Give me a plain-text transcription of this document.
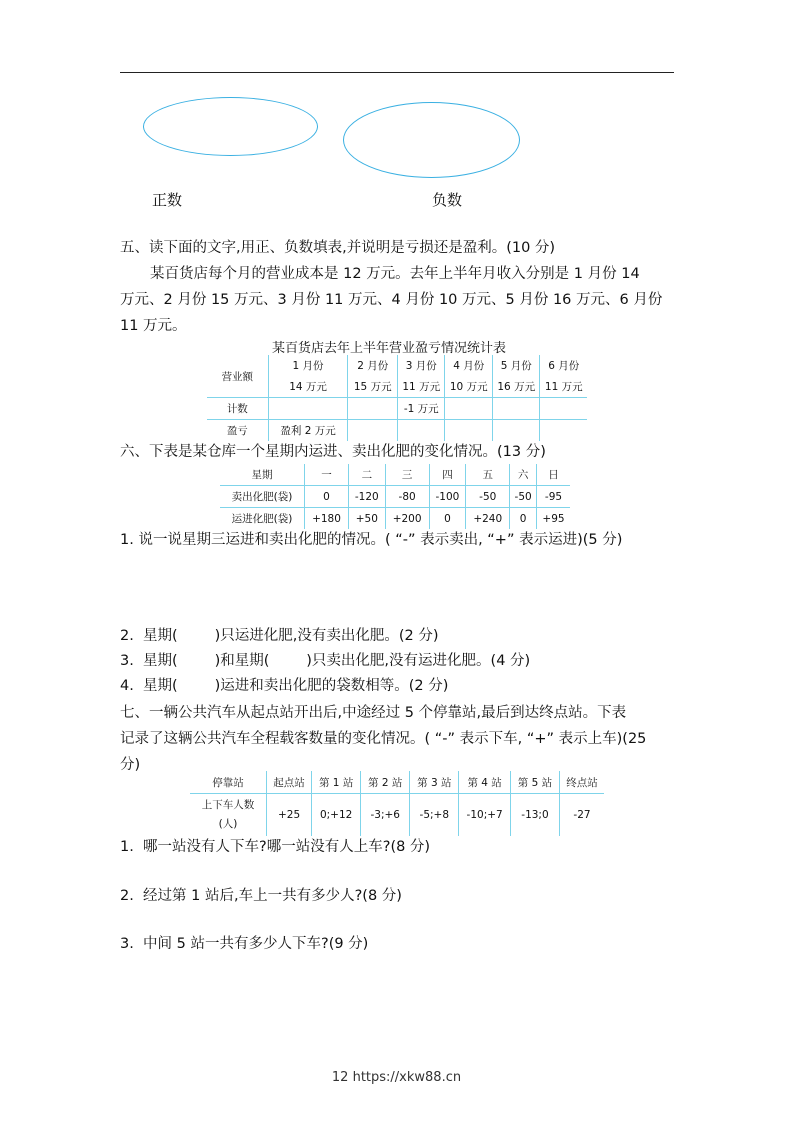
正数	负数
五、读下面的文字,用正、负数填表,并说明是亏损还是盈利。(10 分)
某百货店每个月的营业成本是 12 万元。去年上半年月收入分别是 1 月份 14
万元、2 月份 15 万元、3 月份 11 万元、4 月份 10 万元、5 月份 16 万元、6 月份
11 万元。
某百货店去年上半年营业盈亏情况统计表
营业额	1 月份	2 月份	3 月份	4 月份	5 月份	6 月份
	14 万元	15 万元	11 万元	10 万元	16 万元	11 万元
计数			-1 万元			
盈亏	盈利 2 万元					
六、下表是某仓库一个星期内运进、卖出化肥的变化情况。(13 分)
星期	一	二	三	四	五	六	日
卖出化肥(袋)	0	-120	-80	-100	-50	-50	-95
运进化肥(袋)	+180	+50	+200	0	+240	0	+95
1. 说一说星期三运进和卖出化肥的情况。( “-” 表示卖出, “+” 表示运进)(5 分)
2.  星期(        )只运进化肥,没有卖出化肥。(2 分)
3.  星期(        )和星期(        )只卖出化肥,没有运进化肥。(4 分)
4.  星期(        )运进和卖出化肥的袋数相等。(2 分)
七、一辆公共汽车从起点站开出后,中途经过 5 个停靠站,最后到达终点站。下表
记录了这辆公共汽车全程载客数量的变化情况。( “-” 表示下车, “+” 表示上车)(25
分)
停靠站	起点站	第 1 站	第 2 站	第 3 站	第 4 站	第 5 站	终点站

上下车人数
(人)	+25	0;+12	-3;+6	-5;+8	-10;+7	-13;0	-27
1.  哪一站没有人下车?哪一站没有人上车?(8 分)
2.  经过第 1 站后,车上一共有多少人?(8 分)
3.  中间 5 站一共有多少人下车?(9 分)
12 https://xkw88.cn
